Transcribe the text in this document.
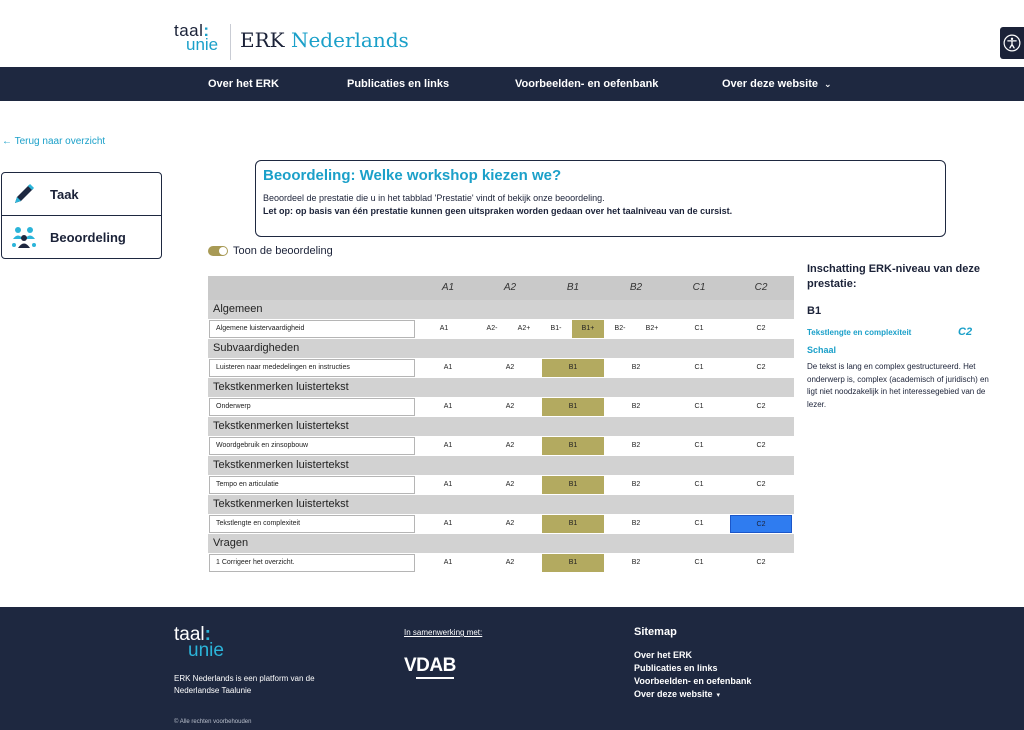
taal:
unie	ERK Nederlands
Over het ERK	Publicaties en links	Voorbeelden- en oefenbank	Over deze website ⌄
← Terug naar overzicht
Taak
Beoordeling
Beoordeling: Welke workshop kiezen we?
Beoordeel de prestatie die u in het tabblad 'Prestatie' vindt of bekijk onze beoordeling.
Let op: op basis van één prestatie kunnen geen uitspraken worden gedaan over het taalniveau van de cursist.
Toon de beoordeling
A1	A2	B1	B2	C1	C2
Algemeen
Algemene luistervaardigheid	A1	A2-	A2+	B1-	B1+	B2-	B2+	C1	C2
Subvaardigheden
Luisteren naar mededelingen en instructies	A1	A2	B1	B2	C1	C2
Tekstkenmerken luistertekst
Onderwerp	A1	A2	B1	B2	C1	C2
Tekstkenmerken luistertekst
Woordgebruik en zinsopbouw	A1	A2	B1	B2	C1	C2
Tekstkenmerken luistertekst
Tempo en articulatie	A1	A2	B1	B2	C1	C2
Tekstkenmerken luistertekst
Tekstlengte en complexiteit	A1	A2	B1	B2	C1	C2
Vragen
1 Corrigeer het overzicht.	A1	A2	B1	B2	C1	C2
Inschatting ERK-niveau van deze prestatie:
B1
Tekstlengte en complexiteit	C2
Schaal
De tekst is lang en complex gestructureerd. Het onderwerp is, complex (academisch of juridisch) en ligt niet noodzakelijk in het interessegebied van de lezer.
taal:
unie
ERK Nederlands is een platform van de Nederlandse Taalunie
© Alle rechten voorbehouden
In samenwerking met:
VDAB
Sitemap
Over het ERK
Publicaties en links
Voorbeelden- en oefenbank
Over deze website ▾
